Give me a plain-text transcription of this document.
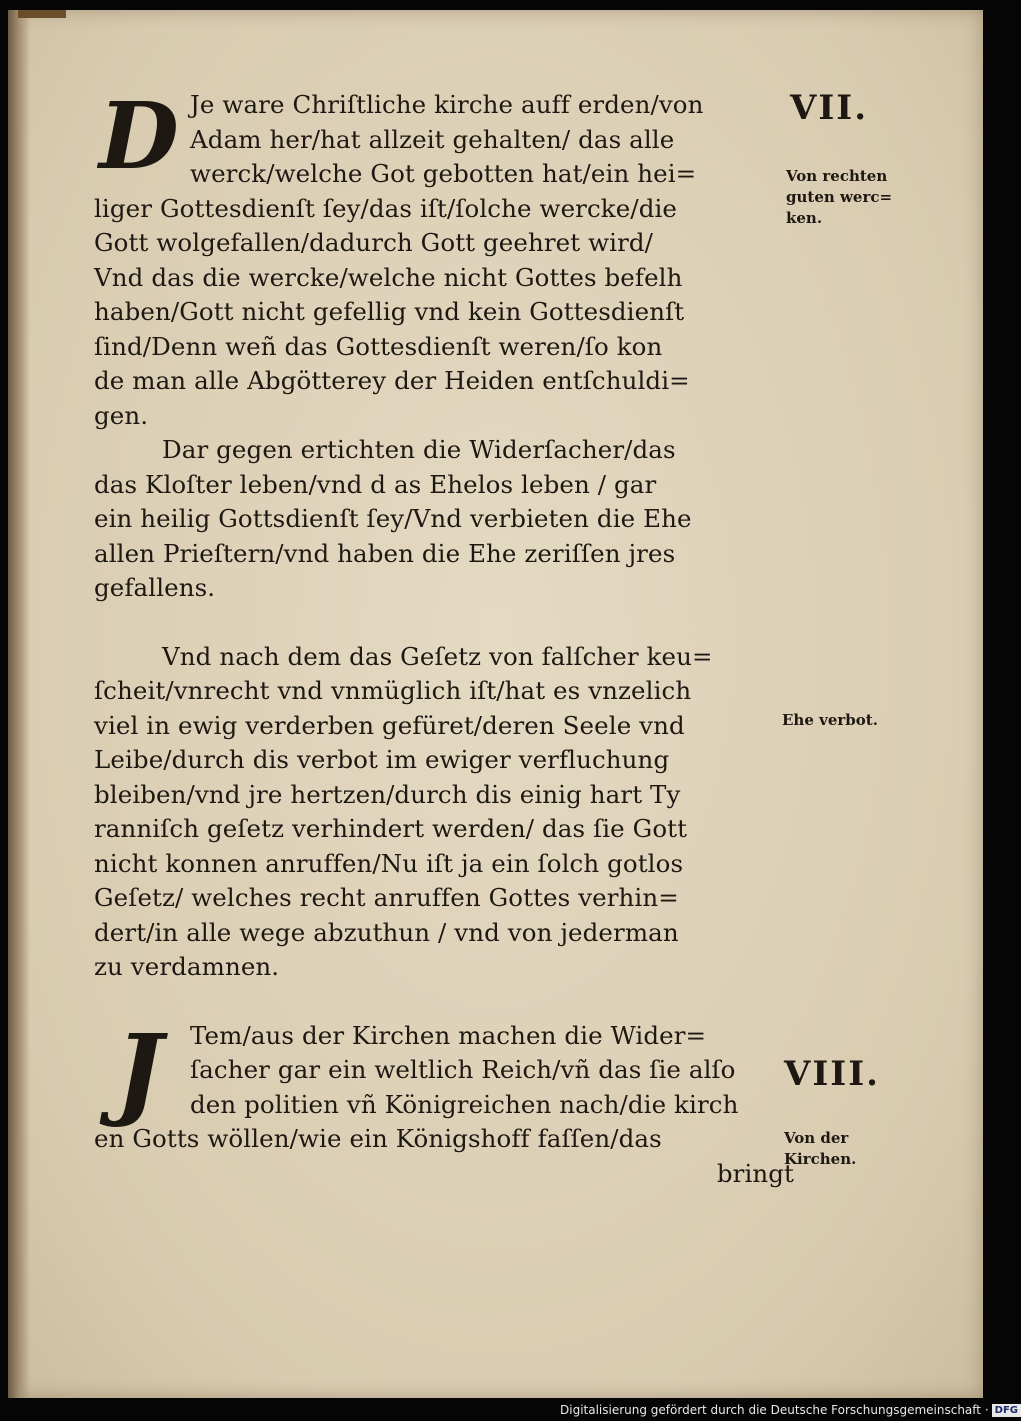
D Je ware Chriſtliche kirche auff erden/von
Adam her/hat allzeit gehalten/ das alle
werck/welche Got gebotten hat/ein hei=
liger Gottesdienſt ſey/das iſt/ſolche wercke/die
Gott wolgefallen/dadurch Gott geehret wird/
Vnd das die wercke/welche nicht Gottes befelh
haben/Gott nicht gefellig vnd kein Gottesdienſt
ſind/Denn weñ das Gottesdienſt weren/ſo kon
de man alle Abgötterey der Heiden entſchuldi=
gen.
Dar gegen ertichten die Widerſacher/das
das Kloſter leben/vnd d as Ehelos leben / gar
ein heilig Gottsdienſt ſey/Vnd verbieten die Ehe
allen Prieſtern/vnd haben die Ehe zeriſſen jres
gefallens.
Vnd nach dem das Geſetz von falſcher keu=
ſcheit/vnrecht vnd vnmüglich iſt/hat es vnzelich
viel in ewig verderben gefüret/deren Seele vnd
Leibe/durch dis verbot im ewiger verfluchung
bleiben/vnd jre hertzen/durch dis einig hart Ty
ranniſch geſetz verhindert werden/ das ſie Gott
nicht konnen anruffen/Nu iſt ja ein ſolch gotlos
Geſetz/ welches recht anruffen Gottes verhin=
dert/in alle wege abzuthun / vnd von jederman
zu verdamnen.
J	Tem/aus der Kirchen machen die Wider=
ſacher gar ein weltlich Reich/vñ das ſie alſo
den politien vñ Königreichen nach/die kirch
en Gotts wöllen/wie ein Königshoff faſſen/das
bringt
VII.
Von rechten
guten werc=
ken.
Ehe verbot.
VIII.
Von der
Kirchen.
Digitalisierung gefördert durch die Deutsche Forschungsgemeinschaft · DFG
